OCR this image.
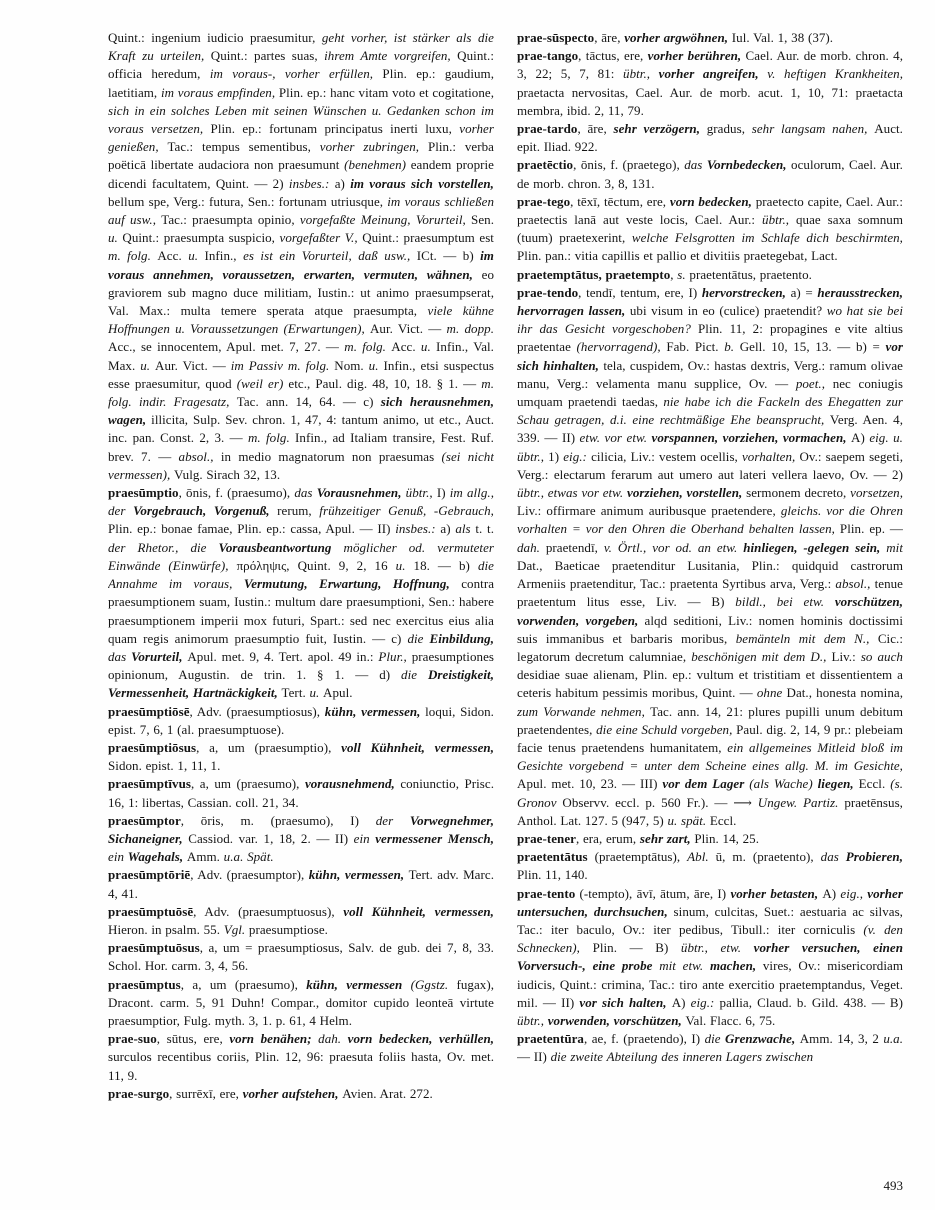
Quint.: ingenium iudicio praesumitur, geht vorher, ist stärker als die Kraft zu urteilen, Quint.: partes suas, ihrem Amte vorgreifen, Quint.: officia heredum, im voraus-, vorher erfüllen, Plin. ep.: gaudium, laetitiam, im voraus empfinden, Plin. ep.: hanc vitam voto et cogitatione, sich in ein solches Leben mit seinen Wünschen u. Gedanken schon im voraus versetzen, Plin. ep.: fortunam principatus inerti luxu, vorher genießen, Tac.: tempus sementibus, vorher zubringen, Plin.: verba poëticā libertate audaciora non praesumunt (benehmen) eandem proprie dicendi facultatem, Quint. — 2) insbes.: a) im voraus sich vorstellen, bellum spe, Verg.: futura, Sen.: fortunam utriusque, im voraus schließen auf usw., Tac.: praesumpta opinio, vorgefaßte Meinung, Vorurteil, Sen. u. Quint.: praesumpta suspicio, vorgefaßter V., Quint.: praesumptum est m. folg. Acc. u. Infin., es ist ein Vorurteil, daß usw., ICt. — b) im voraus annehmen, voraussetzen, erwarten, vermuten, wähnen, eo graviorem sub magno duce militiam, Iustin.: ut animo praesumpserat, Val. Max.: multa temere sperata atque praesumpta, viele kühne Hoffnungen u. Voraussetzungen (Erwartungen), Aur. Vict. — m. dopp. Acc., se innocentem, Apul. met. 7, 27. — m. folg. Acc. u. Infin., Val. Max. u. Aur. Vict. — im Passiv m. folg. Nom. u. Infin., etsi suspectus esse praesumitur, quod (weil er) etc., Paul. dig. 48, 10, 18. § 1. — m. folg. indir. Fragesatz, Tac. ann. 14, 64. — c) sich herausnehmen, wagen, illicita, Sulp. Sev. chron. 1, 47, 4: tantum animo, ut etc., Auct. inc. pan. Const. 2, 3. — m. folg. Infin., ad Italiam transire, Fest. Ruf. brev. 7. — absol., in medio magnatorum non praesumas (sei nicht vermessen), Vulg. Sirach 32, 13.

praesūmptio, ōnis, f. (praesumo), das Vorausnehmen, übtr., I) im allg., der Vorgebrauch, Vorgenuß, rerum, frühzeitiger Genuß, -Gebrauch, Plin. ep.: bonae famae, Plin. ep.: cassa, Apul. — II) insbes.: a) als t. t. der Rhetor., die Vorausbeantwortung möglicher od. vermuteter Einwände (Einwürfe), πρόληψις, Quint. 9, 2, 16 u. 18. — b) die Annahme im voraus, Vermutung, Erwartung, Hoffnung, contra praesumptionem suam, Iustin.: multum dare praesumptioni, Sen.: habere praesumptionem imperii mox futuri, Spart.: sed nec exercitus eius alia quam regis animorum praesumptio fuit, Iustin. — c) die Einbildung, das Vorurteil, Apul. met. 9, 4. Tert. apol. 49 in.: Plur., praesumptiones opinionum, Augustin. de trin. 1. § 1. — d) die Dreistigkeit, Vermessenheit, Hartnäckigkeit, Tert. u. Apul.

praesūmptiōsē, Adv. (praesumptiosus), kühn, vermessen, loqui, Sidon. epist. 7, 6, 1 (al. praesumptuose).

praesūmptiōsus, a, um (praesumptio), voll Kühnheit, vermessen, Sidon. epist. 1, 11, 1.

praesūmptīvus, a, um (praesumo), vorausnehmend, coniunctio, Prisc. 16, 1: libertas, Cassian. coll. 21, 34.

praesūmptor, ōris, m. (praesumo), I) der Vorwegnehmer, Sichaneigner, Cassiod. var. 1, 18, 2. — II) ein vermessener Mensch, ein Wagehals, Amm. u.a. Spät.

praesūmptōriē, Adv. (praesumptor), kühn, vermessen, Tert. adv. Marc. 4, 41.

praesūmptuōsē, Adv. (praesumptuosus), voll Kühnheit, vermessen, Hieron. in psalm. 55. Vgl. praesumptiose.

praesūmptuōsus, a, um = praesumptiosus, Salv. de gub. dei 7, 8, 33. Schol. Hor. carm. 3, 4, 56.

praesūmptus, a, um (praesumo), kühn, vermessen (Ggstz. fugax), Dracont. carm. 5, 91 Duhn! Compar., domitor cupido leonteā virtute praesumptior, Fulg. myth. 3, 1. p. 61, 4 Helm.

prae-suo, sūtus, ere, vorn benähen; dah. vorn bedecken, verhüllen, surculos recentibus coriis, Plin. 12, 96: praesuta foliis hasta, Ov. met. 11, 9.

prae-surgo, surrēxī, ere, vorher aufstehen, Avien. Arat. 272.

prae-sūspecto, āre, vorher argwöhnen, Iul. Val. 1, 38 (37).

prae-tango, tāctus, ere, vorher berühren, Cael. Aur. de morb. chron. 4, 3, 22; 5, 7, 81: übtr., vorher angreifen, v. heftigen Krankheiten, praetacta nervositas, Cael. Aur. de morb. acut. 1, 10, 71: praetacta membra, ibid. 2, 11, 79.

prae-tardo, āre, sehr verzögern, gradus, sehr langsam nahen, Auct. epit. Iliad. 922.

praetēctio, ōnis, f. (praetego), das Vornbedecken, oculorum, Cael. Aur. de morb. chron. 3, 8, 131.

prae-tego, tēxī, tēctum, ere, vorn bedecken, praetecto capite, Cael. Aur.: praetectis lanā aut veste locis, Cael. Aur.: übtr., quae saxa somnum (tuum) praetexerint, welche Felsgrotten im Schlafe dich beschirmten, Plin. pan.: vitia capillis et pallio et divitiis praetegebat, Lact.

praetemptātus, praetempto, s. praetentātus, praetento.

prae-tendo, tendī, tentum, ere, I) hervorstrecken, a) = herausstrecken, hervorragen lassen, ubi visum in eo (culice) praetendit? wo hat sie bei ihr das Gesicht vorgeschoben? Plin. 11, 2: propagines e vite altius praetentae (hervorragend), Fab. Pict. b. Gell. 10, 15, 13. — b) = vor sich hinhalten, tela, cuspidem, Ov.: hastas dextris, Verg.: ramum olivae manu, Verg.: velamenta manu supplice, Ov. — poet., nec coniugis umquam praetendi taedas, nie habe ich die Fackeln des Ehegatten zur Schau getragen, d.i. eine rechtmäßige Ehe beansprucht, Verg. Aen. 4, 339. — II) etw. vor etw. vorspannen, vorziehen, vormachen, A) eig. u. übtr., 1) eig.: cilicia, Liv.: vestem ocellis, vorhalten, Ov.: saepem segeti, Verg.: electarum ferarum aut umero aut lateri vellera laevo, Ov. — 2) übtr., etwas vor etw. vorziehen, vorstellen, sermonem decreto, vorsetzen, Liv.: offirmare animum auribusque praetendere, gleichs. vor die Ohren vorhalten = vor den Ohren die Oberhand behalten lassen, Plin. ep. — dah. praetendī, v. Örtl., vor od. an etw. hinliegen, -gelegen sein, mit Dat., Baeticae praetenditur Lusitania, Plin.: quidquid castrorum Armeniis praetenditur, Tac.: praetenta Syrtibus arva, Verg.: absol., tenue praetentum litus esse, Liv. — B) bildl., bei etw. vorschützen, vorwenden, vorgeben, alqd seditioni, Liv.: nomen hominis doctissimi suis immanibus et barbaris moribus, bemänteln mit dem N., Cic.: legatorum decretum calumniae, beschönigen mit dem D., Liv.: so auch desidiae suae alienam, Plin. ep.: vultum et tristitiam et dissentientem a ceteris habitum pessimis moribus, Quint. — ohne Dat., honesta nomina, zum Vorwande nehmen, Tac. ann. 14, 21: plures pupilli unum debitum praetendentes, die eine Schuld vorgeben, Paul. dig. 2, 14, 9 pr.: plebeiam facie tenus praetendens humanitatem, ein allgemeines Mitleid bloß im Gesichte vorgebend = unter dem Scheine eines allg. M. im Gesichte, Apul. met. 10, 23. — III) vor dem Lager (als Wache) liegen, Eccl. (s. Gronov Observv. eccl. p. 560 Fr.). — ⟶ Ungew. Partiz. praetēnsus, Anthol. Lat. 127. 5 (947, 5) u. spät. Eccl.

prae-tener, era, erum, sehr zart, Plin. 14, 25.

praetentātus (praetemptātus), Abl. ū, m. (praetento), das Probieren, Plin. 11, 140.

prae-tento (-tempto), āvī, ātum, āre, I) vorher betasten, A) eig., vorher untersuchen, durchsuchen, sinum, culcitas, Suet.: aestuaria ac silvas, Tac.: iter baculo, Ov.: iter pedibus, Tibull.: iter corniculis (v. den Schnecken), Plin. — B) übtr., etw. vorher versuchen, einen Vorversuch-, eine probe mit etw. machen, vires, Ov.: misericordiam iudicis, Quint.: crimina, Tac.: tiro ante exercitio praetemptandus, Veget. mil. — II) vor sich halten, A) eig.: pallia, Claud. b. Gild. 438. — B) übtr., vorwenden, vorschützen, Val. Flacc. 6, 75.

praetentūra, ae, f. (praetendo), I) die Grenzwache, Amm. 14, 3, 2 u.a. — II) die zweite Abteilung des inneren Lagers zwischen

493
